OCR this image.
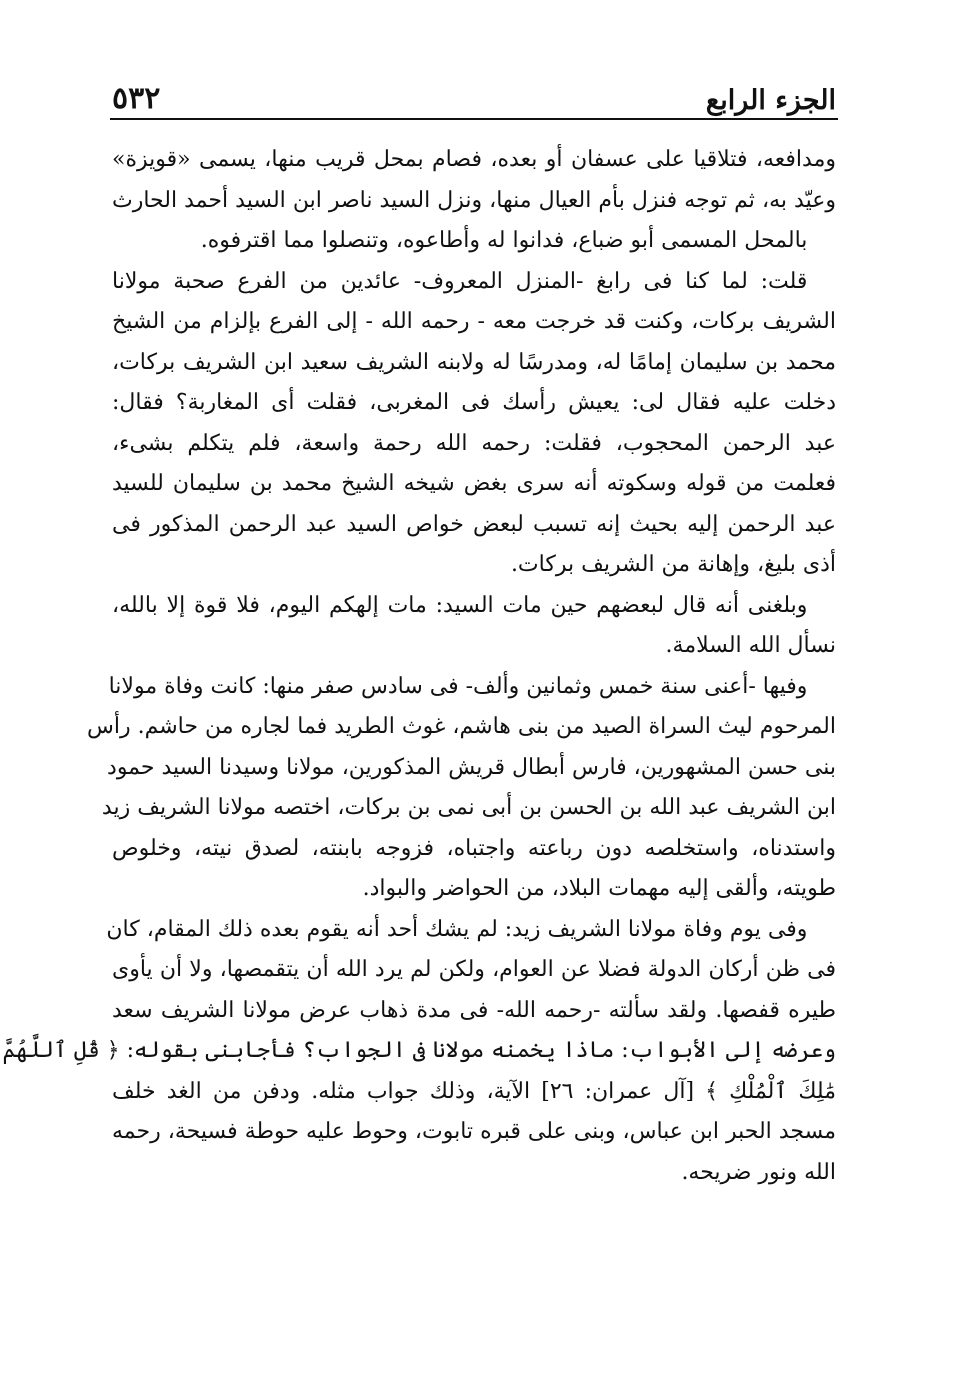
٥٣٢	الجزء الرابع

ومدافعه، فتلاقيا على عسفان أو بعده، فصام بمحل قريب منها، يسمى «قويزة»
وعيّد به، ثم توجه فنزل بأم العيال منها، ونزل السيد ناصر ابن السيد أحمد الحارث
بالمحل المسمى أبو ضباع، فدانوا له وأطاعوه، وتنصلوا مما اقترفوه.

قلت: لما كنا فى رابغ -المنزل المعروف- عائدين من الفرع صحبة مولانا
الشريف بركات، وكنت قد خرجت معه - رحمه الله - إلى الفرع بإلزام من الشيخ
محمد بن سليمان إمامًا له، ومدرسًا له ولابنه الشريف سعيد ابن الشريف بركات،
دخلت عليه فقال لى: يعيش رأسك فى المغربى، فقلت أى المغاربة؟ فقال:
عبد الرحمن المحجوب، فقلت: رحمه الله رحمة واسعة، فلم يتكلم بشىء،
فعلمت من قوله وسكوته أنه سرى بغض شيخه الشيخ محمد بن سليمان للسيد
عبد الرحمن إليه بحيث إنه تسبب لبعض خواص السيد عبد الرحمن المذكور فى
أذى بليغ، وإهانة من الشريف بركات.

وبلغنى أنه قال لبعضهم حين مات السيد: مات إلهكم اليوم، فلا قوة إلا بالله،
نسأل الله السلامة.

وفيها -أعنى سنة خمس وثمانين وألف- فى سادس صفر منها: كانت وفاة مولانا
المرحوم ليث السراة الصيد من بنى هاشم، غوث الطريد فما لجاره من حاشم. رأس
بنى حسن المشهورين، فارس أبطال قريش المذكورين، مولانا وسيدنا السيد حمود
ابن الشريف عبد الله بن الحسن بن أبى نمى بن بركات، اختصه مولانا الشريف زيد
واستدناه، واستخلصه دون رباعته واجتباه، فزوجه بابنته، لصدق نيته، وخلوص
طويته، وألقى إليه مهمات البلاد، من الحواضر والبواد.

وفى يوم وفاة مولانا الشريف زيد: لم يشك أحد أنه يقوم بعده ذلك المقام، كان
فى ظن أركان الدولة فضلا عن العوام، ولكن لم يرد الله أن يتقمصها، ولا أن يأوى
طيره قفصها. ولقد سألته -رحمه الله- فى مدة ذهاب عرض مولانا الشريف سعد
وعرضه إلى الأبواب: ماذا يخمنه مولانا فى الجواب؟ فأجابنى بقوله: ﴿ قُلِ ٱللَّهُمَّ
مَٰلِكَ ٱلْمُلْكِ ﴾ [آل عمران: ٢٦] الآية، وذلك جواب مثله. ودفن من الغد خلف
مسجد الحبر ابن عباس، وبنى على قبره تابوت، وحوط عليه حوطة فسيحة، رحمه
الله ونور ضريحه.
